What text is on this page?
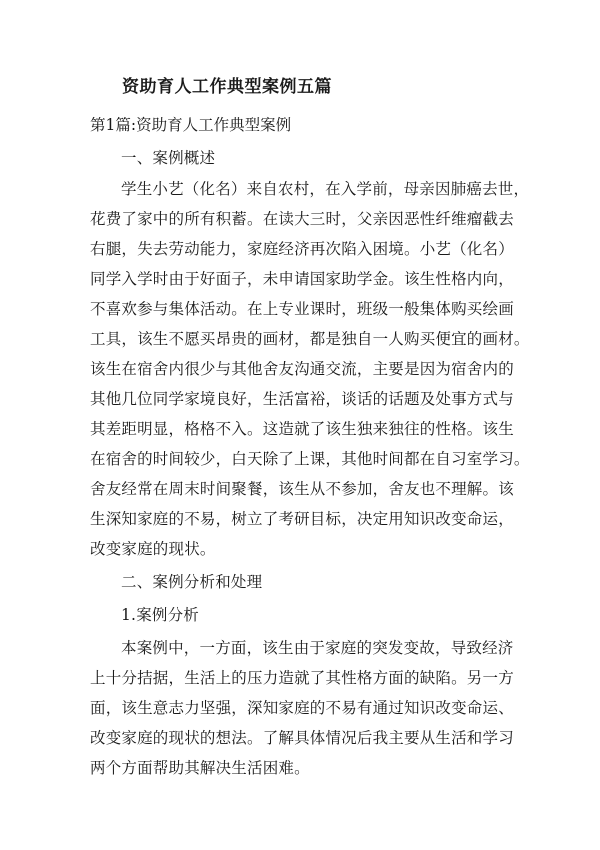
资助育人工作典型案例五篇
第1篇:资助育人工作典型案例
一、案例概述
学生小艺（化名）来自农村，在入学前，母亲因肺癌去世，
花费了家中的所有积蓄。在读大三时，父亲因恶性纤维瘤截去
右腿，失去劳动能力，家庭经济再次陷入困境。小艺（化名）
同学入学时由于好面子，未申请国家助学金。该生性格内向，
不喜欢参与集体活动。在上专业课时，班级一般集体购买绘画
工具，该生不愿买昂贵的画材，都是独自一人购买便宜的画材。
该生在宿舍内很少与其他舍友沟通交流，主要是因为宿舍内的
其他几位同学家境良好，生活富裕，谈话的话题及处事方式与
其差距明显，格格不入。这造就了该生独来独往的性格。该生
在宿舍的时间较少，白天除了上课，其他时间都在自习室学习。
舍友经常在周末时间聚餐，该生从不参加，舍友也不理解。该
生深知家庭的不易，树立了考研目标，决定用知识改变命运，
改变家庭的现状。
二、案例分析和处理
1.案例分析
本案例中，一方面，该生由于家庭的突发变故，导致经济
上十分拮据，生活上的压力造就了其性格方面的缺陷。另一方
面，该生意志力坚强，深知家庭的不易有通过知识改变命运、
改变家庭的现状的想法。了解具体情况后我主要从生活和学习
两个方面帮助其解决生活困难。
